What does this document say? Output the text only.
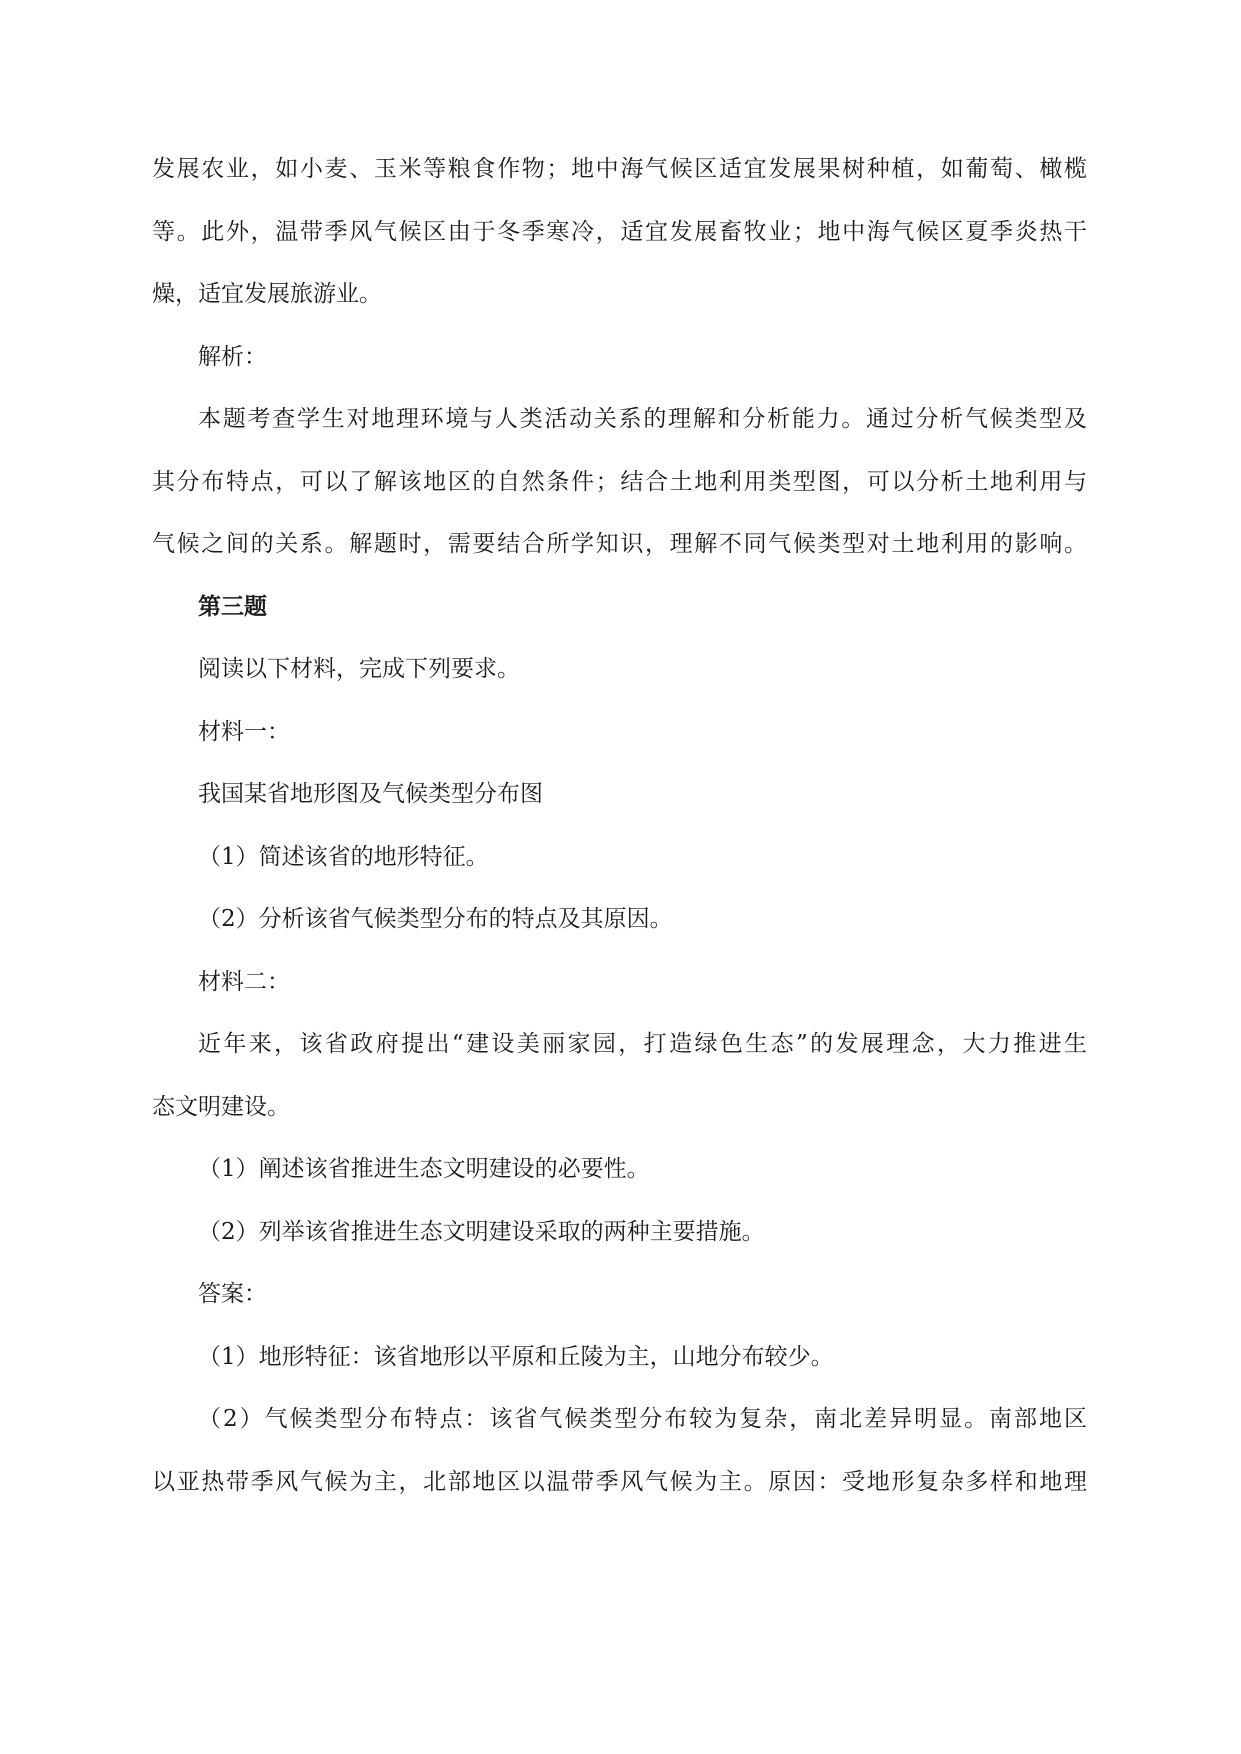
发展农业，如小麦、玉米等粮食作物；地中海气候区适宜发展果树种植，如葡萄、橄榄
等。此外，温带季风气候区由于冬季寒冷，适宜发展畜牧业；地中海气候区夏季炎热干
燥，适宜发展旅游业。

解析：

本题考查学生对地理环境与人类活动关系的理解和分析能力。通过分析气候类型及
其分布特点，可以了解该地区的自然条件；结合土地利用类型图，可以分析土地利用与
气候之间的关系。解题时，需要结合所学知识，理解不同气候类型对土地利用的影响。

第三题

阅读以下材料，完成下列要求。

材料一：

我国某省地形图及气候类型分布图

（1）简述该省的地形特征。

（2）分析该省气候类型分布的特点及其原因。

材料二：

近年来，该省政府提出“建设美丽家园，打造绿色生态”的发展理念，大力推进生
态文明建设。

（1）阐述该省推进生态文明建设的必要性。

（2）列举该省推进生态文明建设采取的两种主要措施。

答案：

（1）地形特征：该省地形以平原和丘陵为主，山地分布较少。

（2）气候类型分布特点：该省气候类型分布较为复杂，南北差异明显。南部地区
以亚热带季风气候为主，北部地区以温带季风气候为主。原因：受地形复杂多样和地理
